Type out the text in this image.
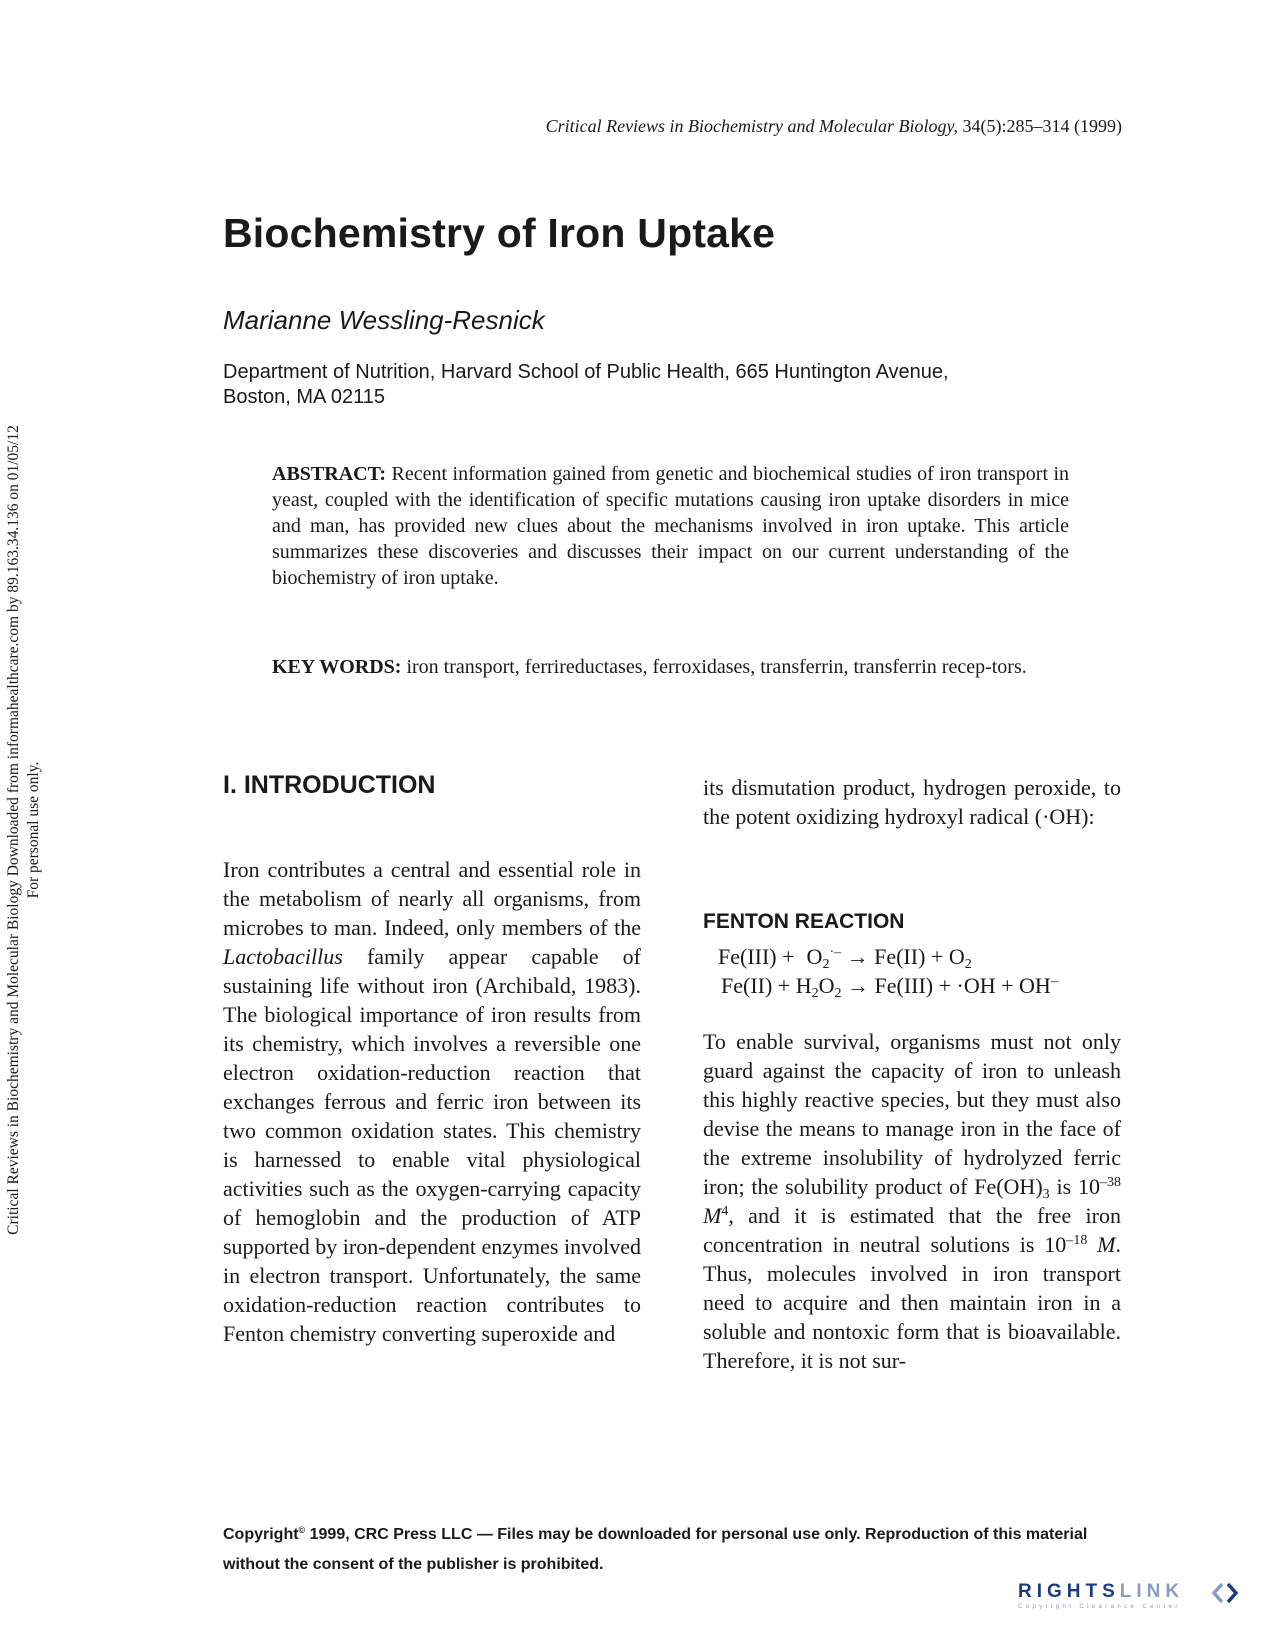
Critical Reviews in Biochemistry and Molecular Biology, 34(5):285–314 (1999)
Biochemistry of Iron Uptake

Marianne Wessling-Resnick

Department of Nutrition, Harvard School of Public Health, 665 Huntington Avenue,
Boston, MA 02115

ABSTRACT: Recent information gained from genetic and biochemical studies of iron transport in yeast, coupled with the identification of specific mutations causing iron uptake disorders in mice and man, has provided new clues about the mechanisms involved in iron uptake. This article summarizes these discoveries and discusses their impact on our current understanding of the biochemistry of iron uptake.

KEY WORDS: iron transport, ferrireductases, ferroxidases, transferrin, transferrin recep-tors.

I. INTRODUCTION

Iron contributes a central and essential role in the metabolism of nearly all organisms, from microbes to man. Indeed, only members of the Lactobacillus family appear capable of sustaining life without iron (Archibald, 1983). The biological importance of iron results from its chemistry, which involves a reversible one electron oxidation-reduction reaction that exchanges ferrous and ferric iron between its two common oxidation states. This chemistry is harnessed to enable vital physiological activities such as the oxygen-carrying capacity of hemoglobin and the production of ATP supported by iron-dependent enzymes involved in electron transport. Unfortunately, the same oxidation-reduction reaction contributes to Fenton chemistry converting superoxide and

its dismutation product, hydrogen peroxide, to the potent oxidizing hydroxyl radical (·OH):

FENTON REACTION
$Fe(III) + O_2^{\cdot-} \to Fe(II) + O_2$
$Fe(II) + H_2O_2 \to Fe(III) + \cdot OH + OH^-$

To enable survival, organisms must not only guard against the capacity of iron to unleash this highly reactive species, but they must also devise the means to manage iron in the face of the extreme insolubility of hydrolyzed ferric iron; the solubility product of $Fe(OH)_3$ is $10^{-38}$ $M^4$, and it is estimated that the free iron concentration in neutral solutions is $10^{-18}$ M. Thus, molecules involved in iron transport need to acquire and then maintain iron in a soluble and nontoxic form that is bioavailable. Therefore, it is not sur-

Critical Reviews in Biochemistry and Molecular Biology Downloaded from informahealthcare.com by 89.163.34.136 on 01/05/12 For personal use only.

Copyright© 1999, CRC Press LLC — Files may be downloaded for personal use only. Reproduction of this material
without the consent of the publisher is prohibited.

RIGHTSLINK
Copyright Clearance Center
